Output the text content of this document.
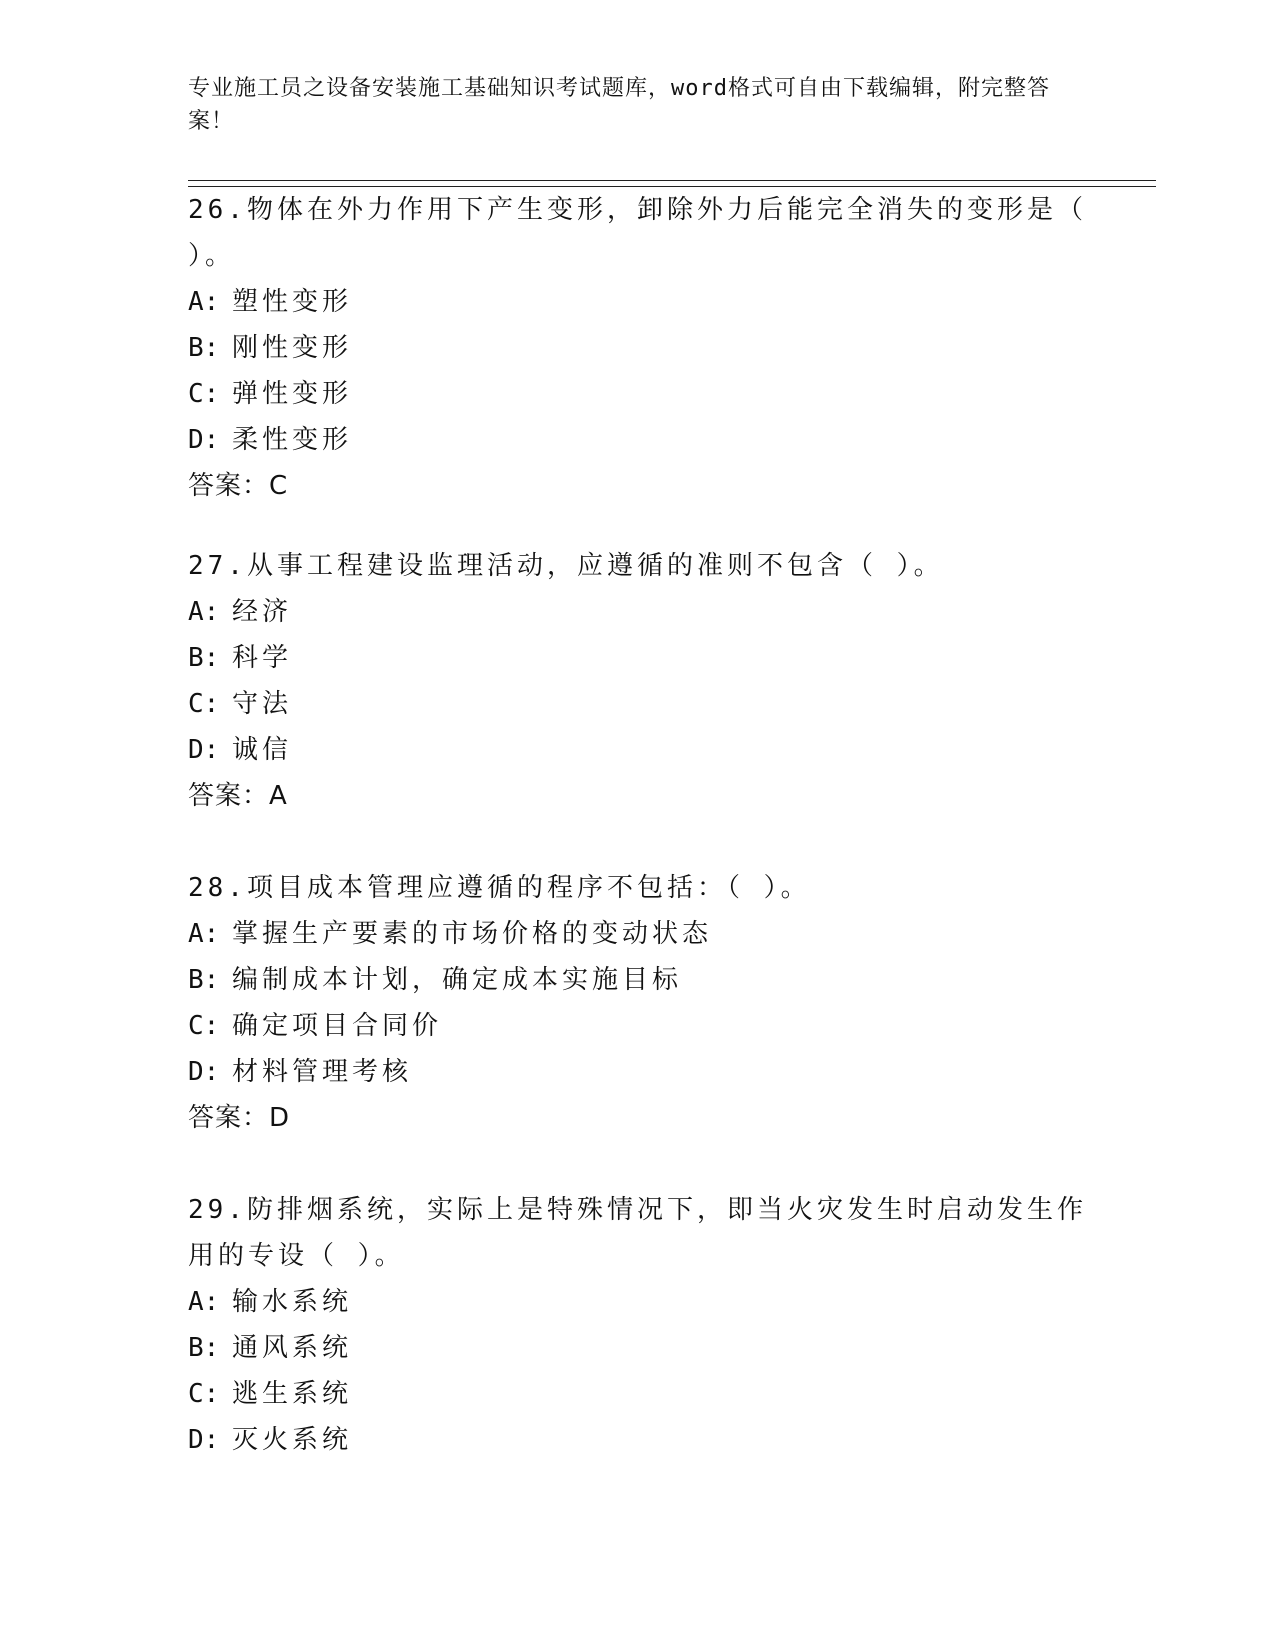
专业施工员之设备安装施工基础知识考试题库，word格式可自由下载编辑，附完整答案！
26.物体在外力作用下产生变形，卸除外力后能完全消失的变形是（ ）。
A: 塑性变形
B: 刚性变形
C: 弹性变形
D: 柔性变形
答案：C
27.从事工程建设监理活动，应遵循的准则不包含（ ）。
A: 经济
B: 科学
C: 守法
D: 诚信
答案：A
28.项目成本管理应遵循的程序不包括：（ ）。
A: 掌握生产要素的市场价格的变动状态
B: 编制成本计划，确定成本实施目标
C: 确定项目合同价
D: 材料管理考核
答案：D
29.防排烟系统，实际上是特殊情况下，即当火灾发生时启动发生作用的专设（ ）。
A: 输水系统
B: 通风系统
C: 逃生系统
D: 灭火系统
